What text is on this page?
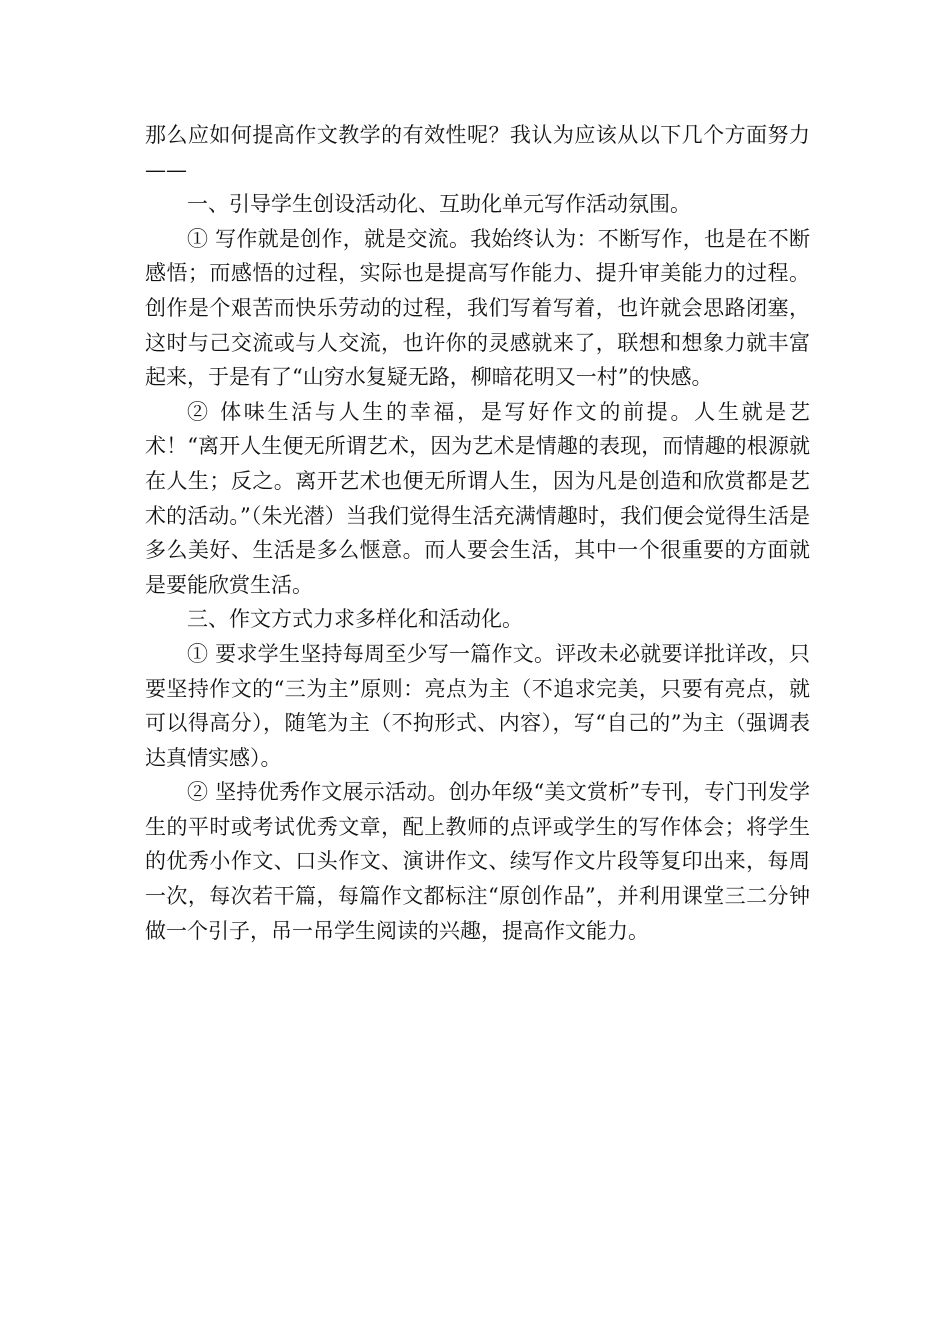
那么应如何提高作文教学的有效性呢？我认为应该从以下几个方面努力——

一、引导学生创设活动化、互助化单元写作活动氛围。

① 写作就是创作，就是交流。我始终认为：不断写作，也是在不断感悟；而感悟的过程，实际也是提高写作能力、提升审美能力的过程。创作是个艰苦而快乐劳动的过程，我们写着写着，也许就会思路闭塞，这时与己交流或与人交流，也许你的灵感就来了，联想和想象力就丰富起来，于是有了“山穷水复疑无路，柳暗花明又一村”的快感。

② 体味生活与人生的幸福，是写好作文的前提。人生就是艺术！“离开人生便无所谓艺术，因为艺术是情趣的表现，而情趣的根源就在人生；反之。离开艺术也便无所谓人生，因为凡是创造和欣赏都是艺术的活动。”（朱光潜）当我们觉得生活充满情趣时，我们便会觉得生活是多么美好、生活是多么惬意。而人要会生活，其中一个很重要的方面就是要能欣赏生活。

三、作文方式力求多样化和活动化。

① 要求学生坚持每周至少写一篇作文。评改未必就要详批详改，只要坚持作文的“三为主”原则：亮点为主（不追求完美，只要有亮点，就可以得高分），随笔为主（不拘形式、内容），写“自己的”为主（强调表达真情实感）。

② 坚持优秀作文展示活动。创办年级“美文赏析”专刊，专门刊发学生的平时或考试优秀文章，配上教师的点评或学生的写作体会；将学生的优秀小作文、口头作文、演讲作文、续写作文片段等复印出来，每周一次，每次若干篇，每篇作文都标注“原创作品”，并利用课堂三二分钟做一个引子，吊一吊学生阅读的兴趣，提高作文能力。
